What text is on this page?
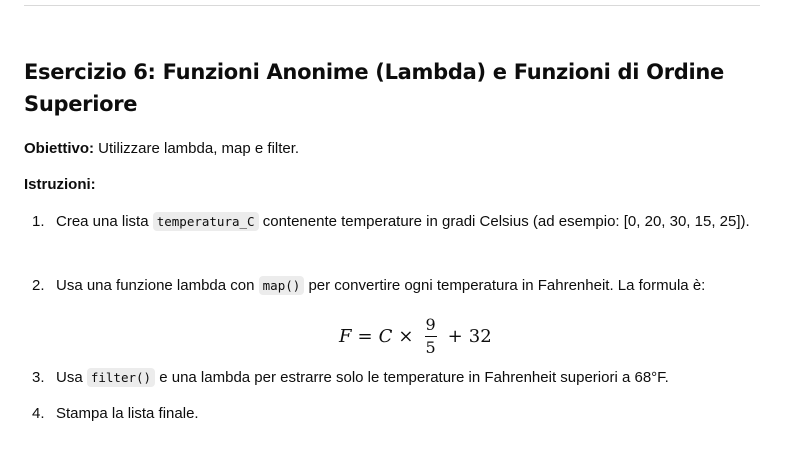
Esercizio 6: Funzioni Anonime (Lambda) e Funzioni di Ordine Superiore

Obiettivo: Utilizzare lambda, map e filter.

Istruzioni:

1. Crea una lista temperatura_C contenente temperature in gradi Celsius (ad esempio: [0, 20, 30, 15, 25]).
2. Usa una funzione lambda con map() per convertire ogni temperatura in Fahrenheit. La formula è:
$F = C \times \frac{9}{5} + 32$
3. Usa filter() e una lambda per estrarre solo le temperature in Fahrenheit superiori a 68°F.
4. Stampa la lista finale.
